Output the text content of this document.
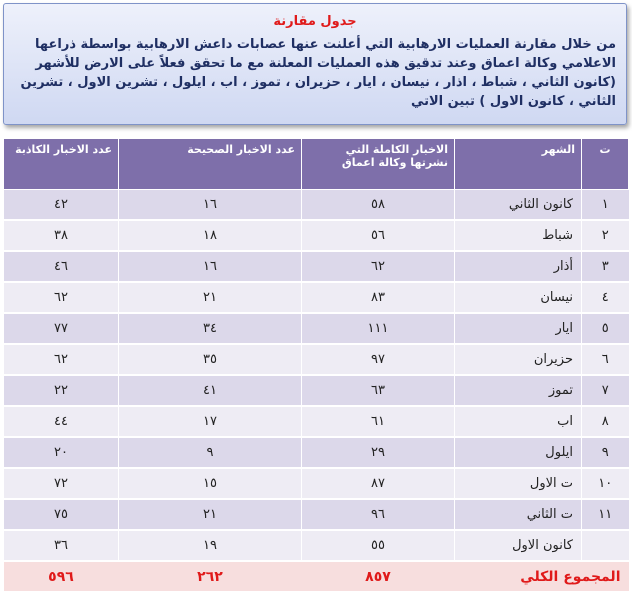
جدول مقارنة
من خلال مقارنة العمليات الارهابية التي أعلنت عنها عصابات داعش الارهابية بواسطة ذراعها الاعلامي وكالة اعماق وعند تدقيق هذه العمليات المعلنة مع ما تحقق فعلاً على الارض للأشهر (كانون الثاني ، شباط ، اذار ، نيسان ، ايار ، حزيران ، تموز ، اب ، ايلول ، تشرين الاول ، تشرين الثاني ، كانون الاول ) تبين الاتي
ت	الشهر	الاخبار الكاملة التي نشرتها وكالة اعماق	عدد الاخبار الصحيحة	عدد الاخبار الكاذبة
١	كانون الثاني	٥٨	١٦	٤٢
٢	شباط	٥٦	١٨	٣٨
٣	أذار	٦٢	١٦	٤٦
٤	نيسان	٨٣	٢١	٦٢
٥	ايار	١١١	٣٤	٧٧
٦	حزيران	٩٧	٣٥	٦٢
٧	تموز	٦٣	٤١	٢٢
٨	اب	٦١	١٧	٤٤
٩	ايلول	٢٩	٩	٢٠
١٠	ت الاول	٨٧	١٥	٧٢
١١	ت الثاني	٩٦	٢١	٧٥
	كانون الاول	٥٥	١٩	٣٦
المجموع الكلي		٨٥٧	٢٦٢	٥٩٦
